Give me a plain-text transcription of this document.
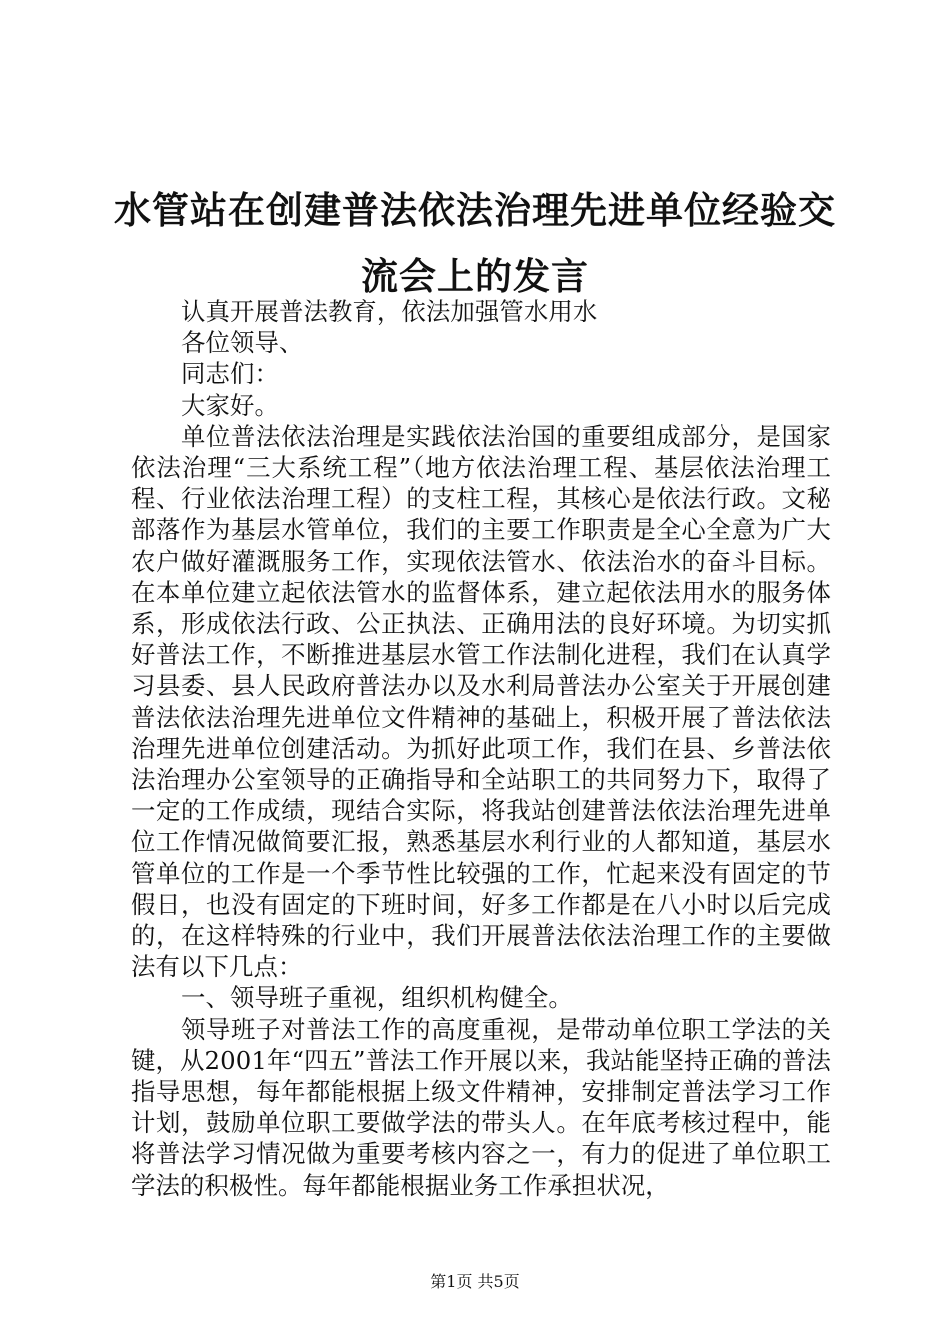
水管站在创建普法依法治理先进单位经验交流会上的发言

认真开展普法教育，依法加强管水用水

各位领导、

同志们：

大家好。

单位普法依法治理是实践依法治国的重要组成部分，是国家依法治理“三大系统工程”（地方依法治理工程、基层依法治理工程、行业依法治理工程）的支柱工程，其核心是依法行政。文秘部落作为基层水管单位，我们的主要工作职责是全心全意为广大农户做好灌溉服务工作，实现依法管水、依法治水的奋斗目标。在本单位建立起依法管水的监督体系，建立起依法用水的服务体系，形成依法行政、公正执法、正确用法的良好环境。为切实抓好普法工作，不断推进基层水管工作法制化进程，我们在认真学习县委、县人民政府普法办以及水利局普法办公室关于开展创建普法依法治理先进单位文件精神的基础上，积极开展了普法依法治理先进单位创建活动。为抓好此项工作，我们在县、乡普法依法治理办公室领导的正确指导和全站职工的共同努力下，取得了一定的工作成绩，现结合实际，将我站创建普法依法治理先进单位工作情况做简要汇报，熟悉基层水利行业的人都知道，基层水管单位的工作是一个季节性比较强的工作，忙起来没有固定的节假日，也没有固定的下班时间，好多工作都是在八小时以后完成的，在这样特殊的行业中，我们开展普法依法治理工作的主要做法有以下几点：

一、领导班子重视，组织机构健全。

领导班子对普法工作的高度重视，是带动单位职工学法的关键，从2001年“四五”普法工作开展以来，我站能坚持正确的普法指导思想，每年都能根据上级文件精神，安排制定普法学习工作计划，鼓励单位职工要做学法的带头人。在年底考核过程中，能将普法学习情况做为重要考核内容之一，有力的促进了单位职工学法的积极性。每年都能根据业务工作承担状况，

第1页 共5页
